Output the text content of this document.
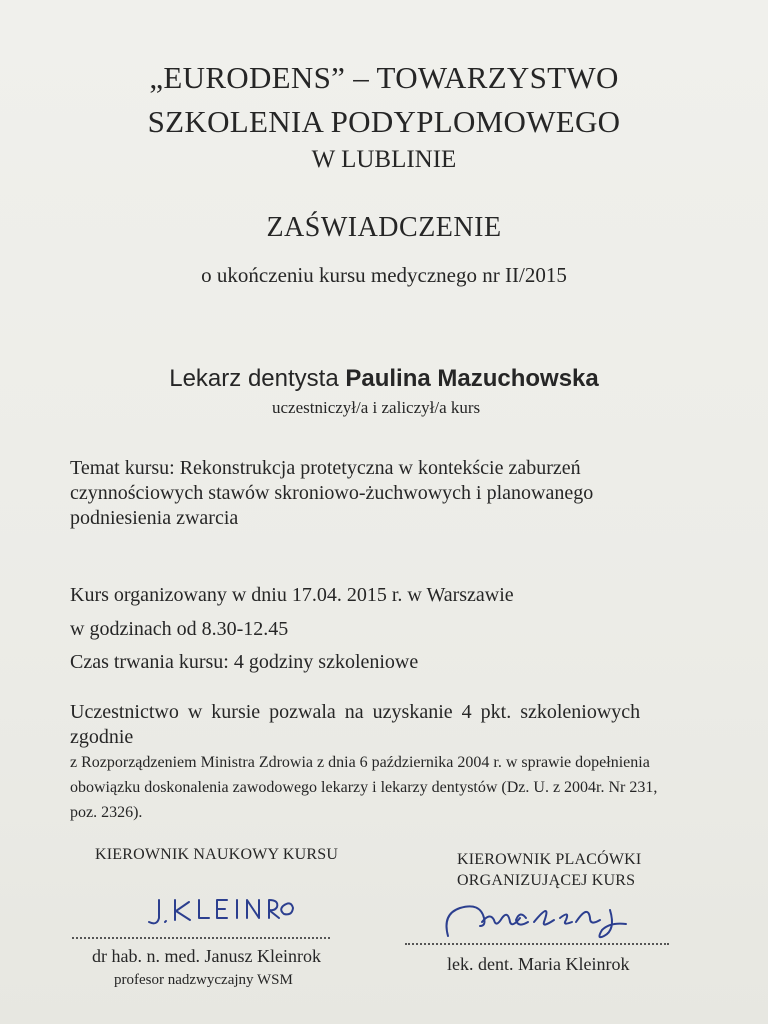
„EURODENS” – TOWARZYSTWO
SZKOLENIA PODYPLOMOWEGO
W LUBLINIE
ZAŚWIADCZENIE
o ukończeniu kursu medycznego nr II/2015
Lekarz dentysta Paulina Mazuchowska
uczestniczył/a i zaliczył/a kurs
Temat kursu: Rekonstrukcja protetyczna w kontekście zaburzeń
czynnościowych stawów skroniowo-żuchwowych i planowanego
podniesienia zwarcia
Kurs organizowany w dniu 17.04. 2015 r. w Warszawie
w godzinach od 8.30-12.45
Czas trwania kursu: 4 godziny szkoleniowe
Uczestnictwo w kursie pozwala na uzyskanie 4 pkt. szkoleniowych zgodnie
z Rozporządzeniem Ministra Zdrowia z dnia 6 października 2004 r. w sprawie dopełnienia
obowiązku doskonalenia zawodowego lekarzy i lekarzy dentystów (Dz. U. z 2004r. Nr 231,
poz. 2326).
KIEROWNIK NAUKOWY KURSU
dr hab. n. med. Janusz Kleinrok
profesor nadzwyczajny WSM
KIEROWNIK PLACÓWKI
ORGANIZUJĄCEJ KURS
lek. dent. Maria Kleinrok
